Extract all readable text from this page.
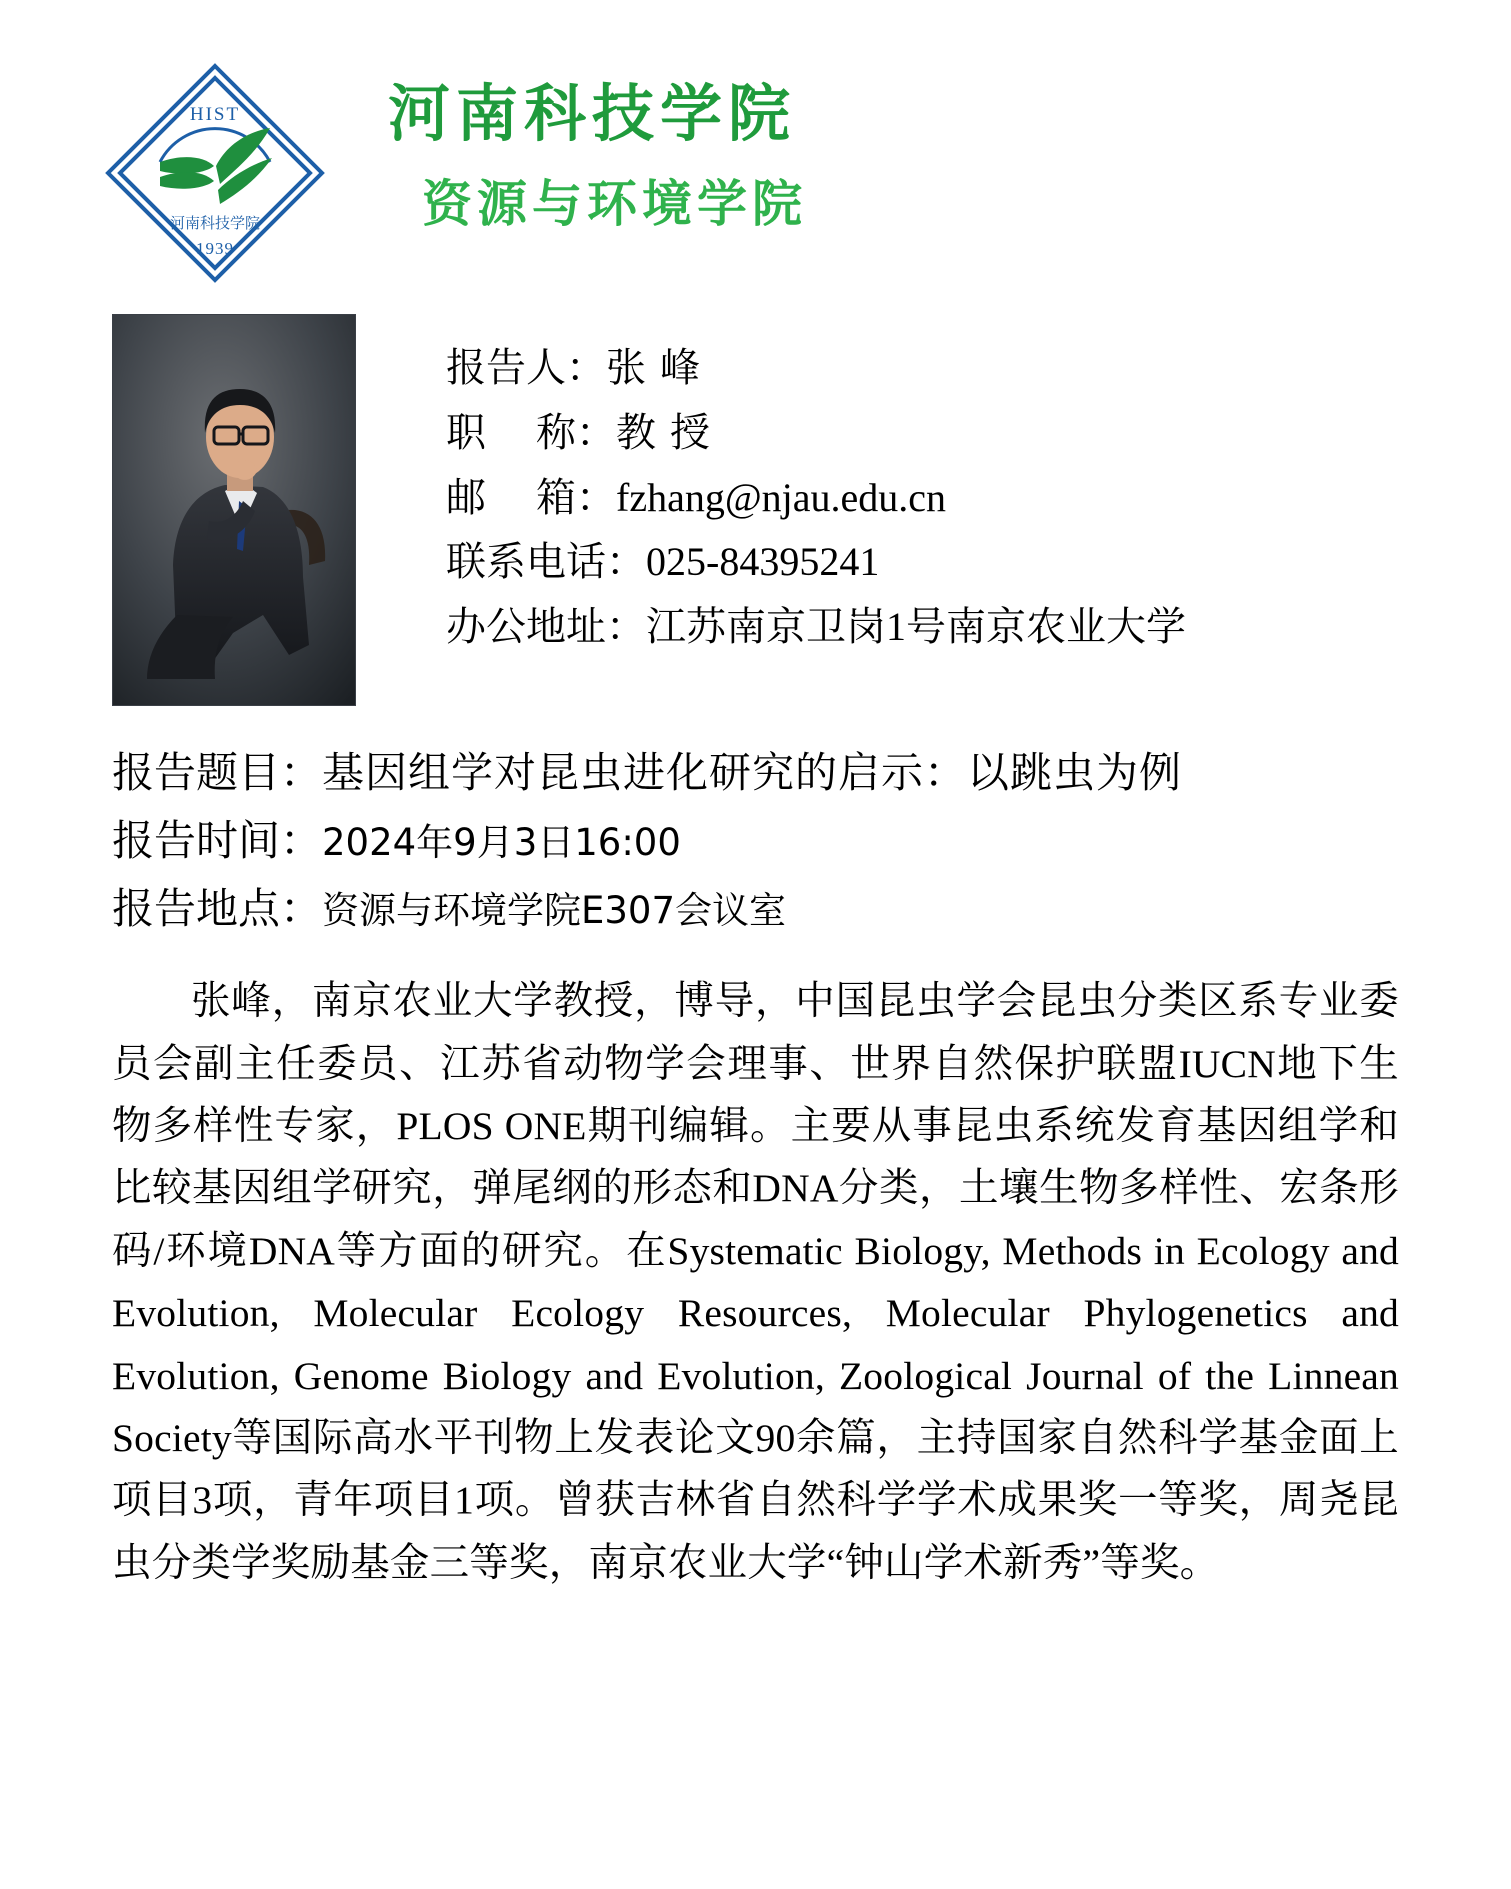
HIST
河南科技学院
1939
河南科技学院
资源与环境学院
报告人：张 峰
职　 称：教 授
邮　 箱：fzhang@njau.edu.cn
联系电话：025-84395241
办公地址：江苏南京卫岗1号南京农业大学
报告题目：基因组学对昆虫进化研究的启示：以跳虫为例
报告时间：2024年9月3日16:00
报告地点：资源与环境学院E307会议室
张峰，南京农业大学教授，博导，中国昆虫学会昆虫分类区系专业委员会副主任委员、江苏省动物学会理事、世界自然保护联盟IUCN地下生物多样性专家，PLOS ONE期刊编辑。主要从事昆虫系统发育基因组学和比较基因组学研究，弹尾纲的形态和DNA分类，土壤生物多样性、宏条形码/环境DNA等方面的研究。在Systematic Biology, Methods in Ecology and Evolution, Molecular Ecology Resources, Molecular Phylogenetics and Evolution, Genome Biology and Evolution, Zoological Journal of the Linnean Society等国际高水平刊物上发表论文90余篇，主持国家自然科学基金面上项目3项，青年项目1项。曾获吉林省自然科学学术成果奖一等奖，周尧昆虫分类学奖励基金三等奖，南京农业大学“钟山学术新秀”等奖。
